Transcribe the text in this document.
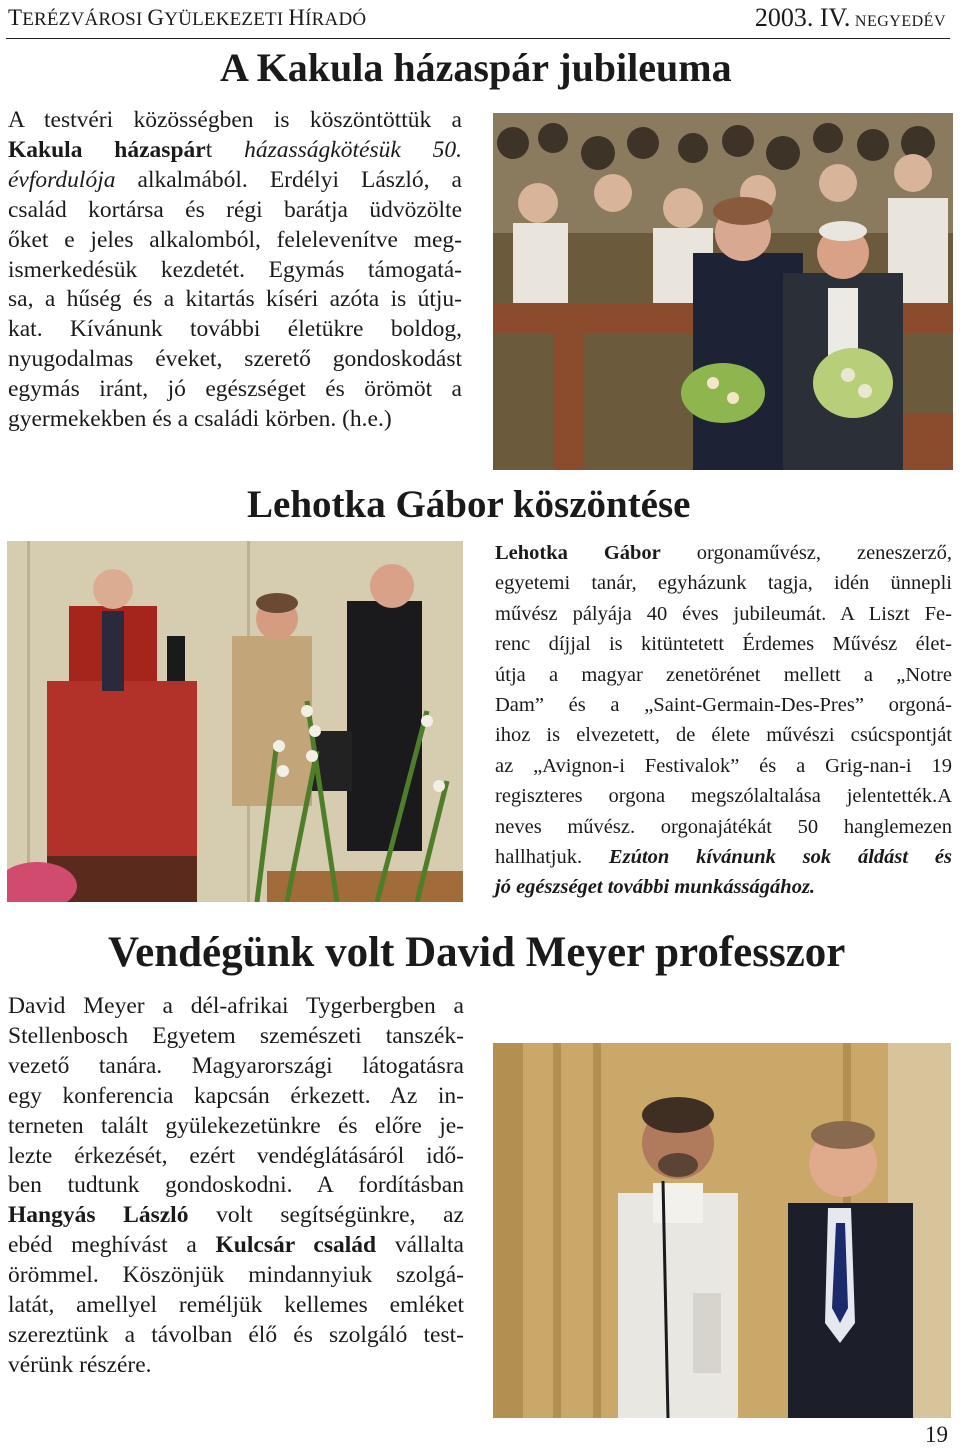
TERÉZVÁROSI GYÜLEKEZETI HÍRADÓ	2003. IV. NEGYEDÉV
A Kakula házaspár jubileuma
A testvéri közösségben is köszöntöttük a
Kakula házaspárt házasságkötésük 50.
évfordulója alkalmából. Erdélyi László, a
család kortársa és régi barátja üdvözölte
őket e jeles alkalomból, felelevenítve meg-
ismerkedésük kezdetét. Egymás támogatá-
sa, a hűség és a kitartás kíséri azóta is útju-
kat. Kívánunk további életükre boldog,
nyugodalmas éveket, szerető gondoskodást
egymás iránt, jó egészséget és örömöt a
gyermekekben és a családi körben. (h.e.)
Lehotka Gábor köszöntése
Lehotka Gábor orgonaművész, zeneszerző,
egyetemi tanár, egyházunk tagja, idén ünnepli
művész pályája 40 éves jubileumát. A Liszt Fe-
renc díjjal is kitüntetett Érdemes Művész élet-
útja a magyar zenetörénet mellett a „Notre
Dam” és a „Saint-Germain-Des-Pres” orgoná-
ihoz is elvezetett, de élete művészi csúcspontját
az „Avignon-i Festivalok” és a Grig-nan-i 19
regiszteres orgona megszólaltalása jelentették.A
neves művész. orgonajátékát 50 hanglemezen
hallhatjuk. Ezúton kívánunk sok áldást és
jó egészséget további munkásságához.
Vendégünk volt David Meyer professzor
David Meyer a dél-afrikai Tygerbergben a
Stellenbosch Egyetem szemészeti tanszék-
vezető tanára. Magyarországi látogatásra
egy konferencia kapcsán érkezett. Az in-
terneten talált gyülekezetünkre és előre je-
lezte érkezését, ezért vendéglátásáról idő-
ben tudtunk gondoskodni. A fordításban
Hangyás László volt segítségünkre, az
ebéd meghívást a Kulcsár család vállalta
örömmel. Köszönjük mindannyiuk szolgá-
latát, amellyel reméljük kellemes emléket
szereztünk a távolban élő és szolgáló test-
vérünk részére.
19
